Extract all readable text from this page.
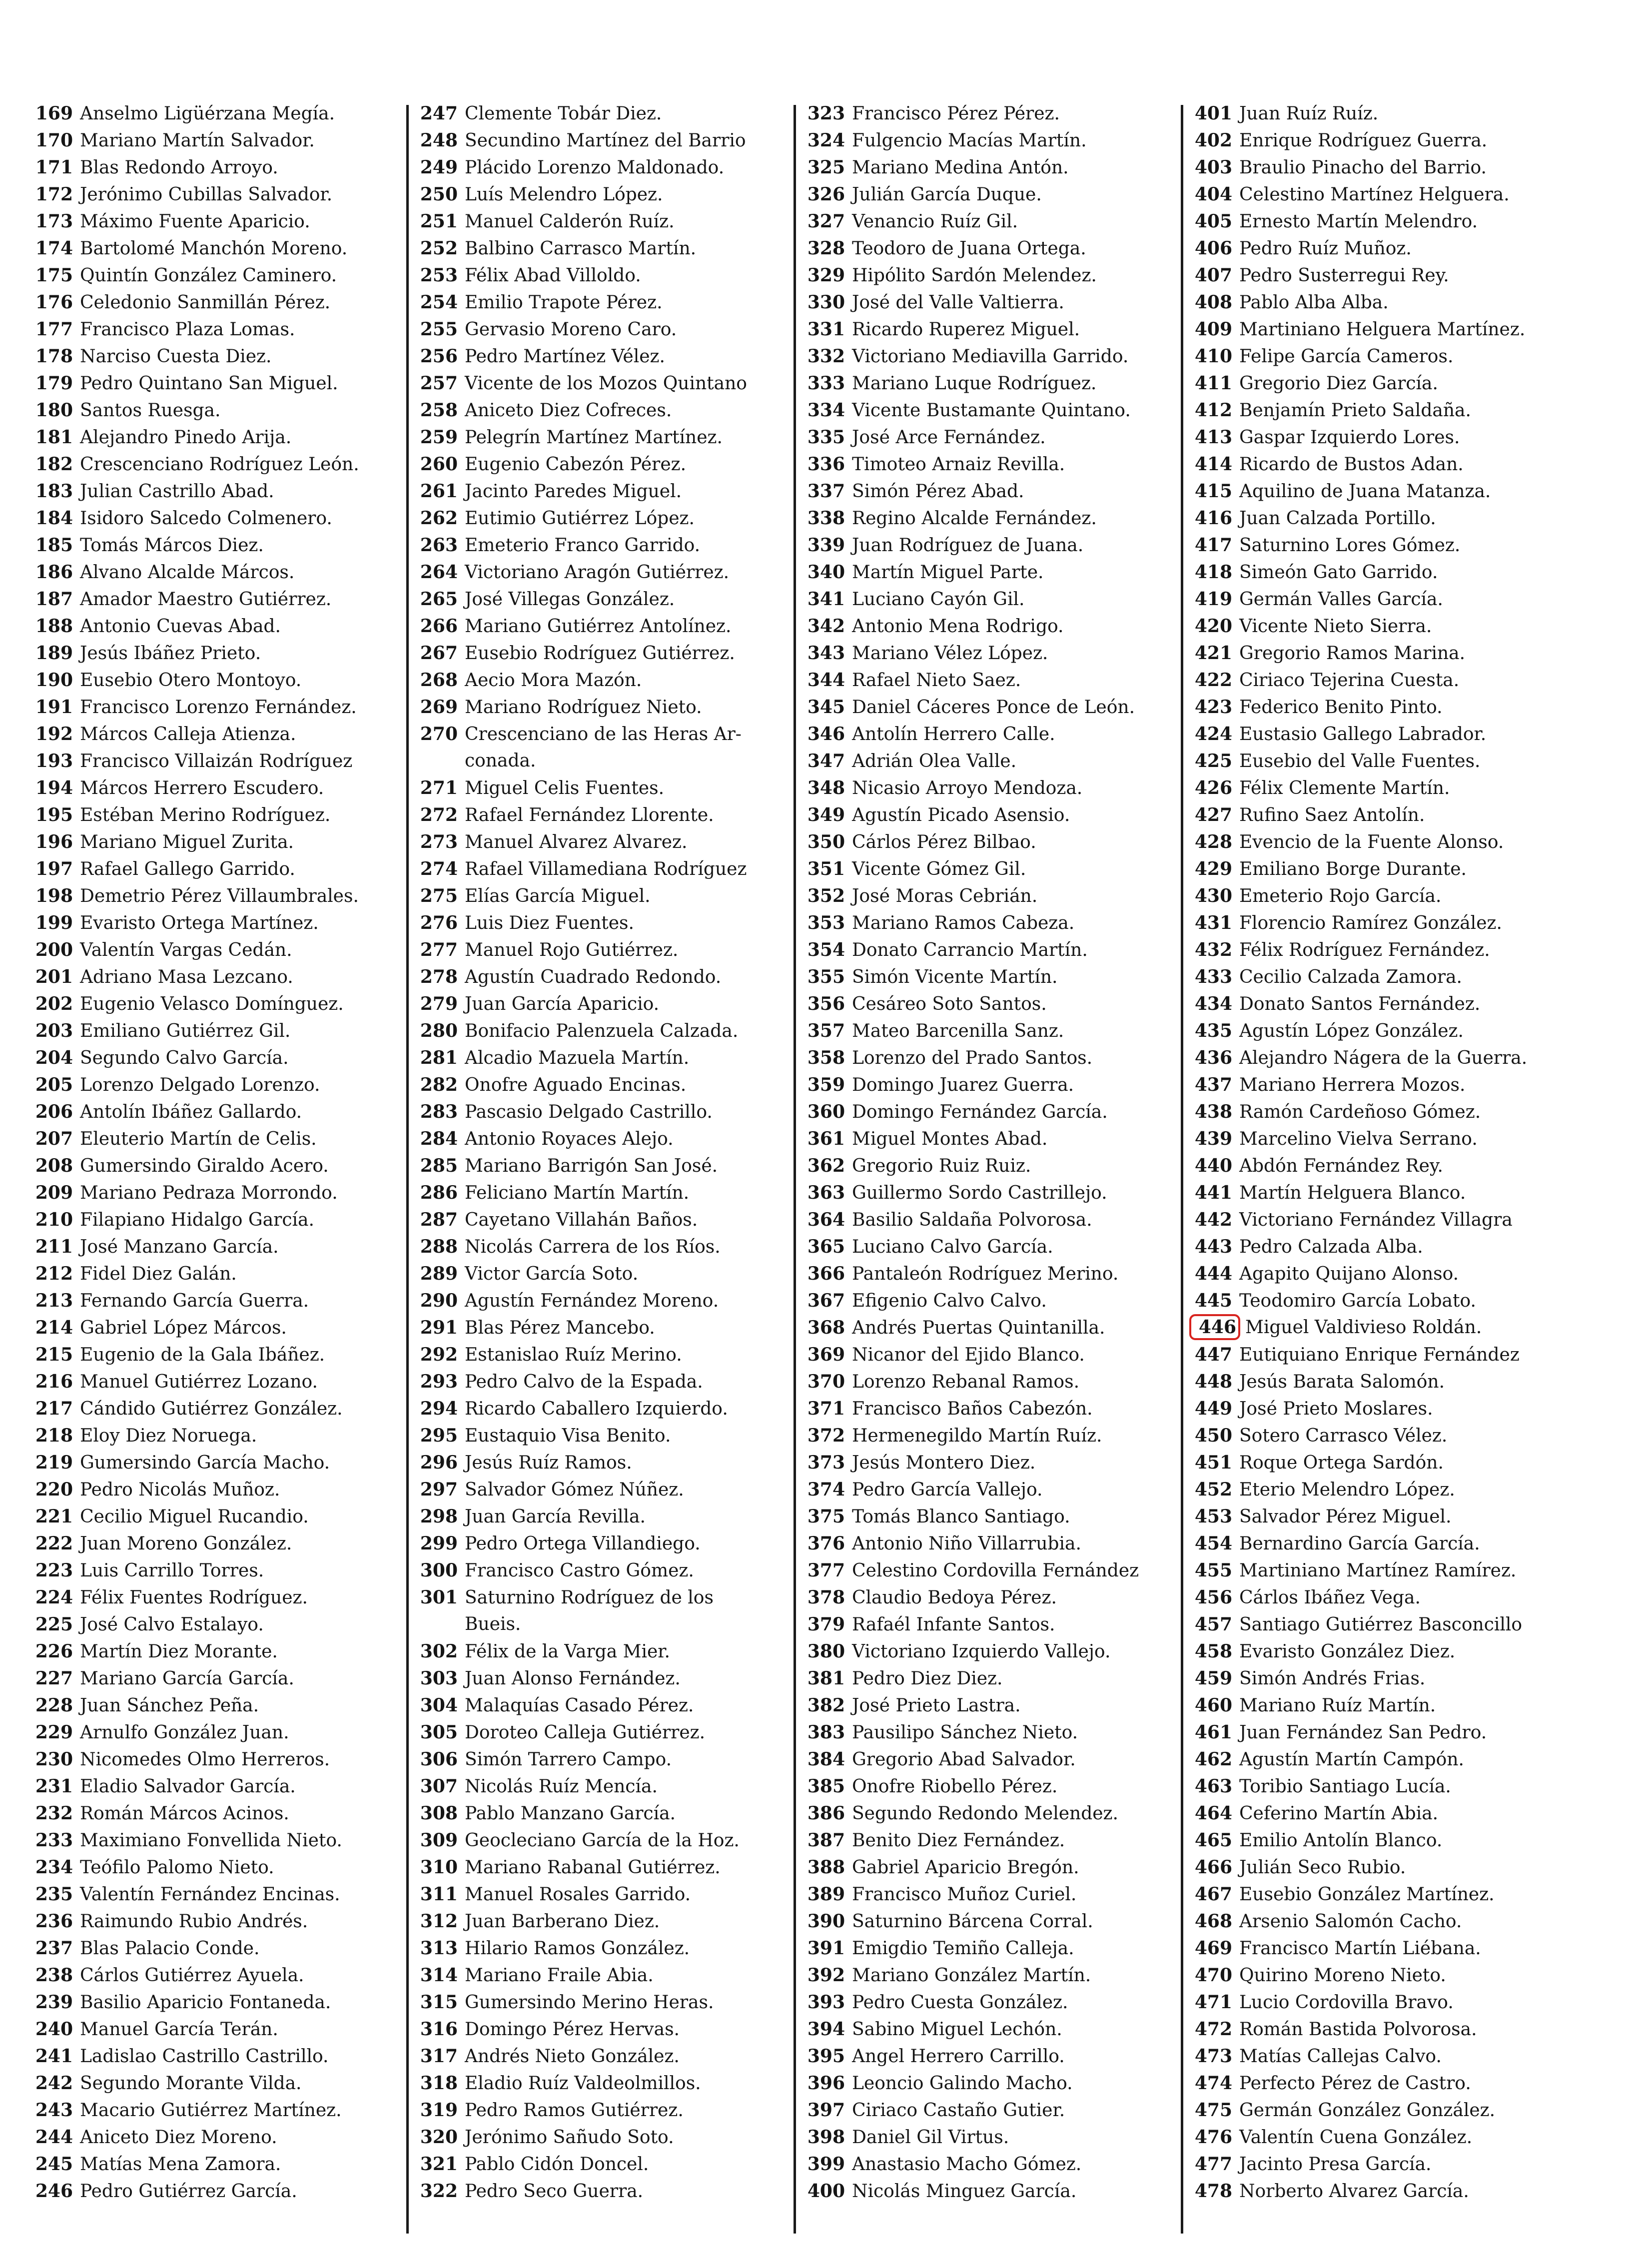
169 Anselmo Ligüérzana Megía.
170 Mariano Martín Salvador.
171 Blas Redondo Arroyo.
172 Jerónimo Cubillas Salvador.
173 Máximo Fuente Aparicio.
174 Bartolomé Manchón Moreno.
175 Quintín González Caminero.
176 Celedonio Sanmillán Pérez.
177 Francisco Plaza Lomas.
178 Narciso Cuesta Diez.
179 Pedro Quintano San Miguel.
180 Santos Ruesga.
181 Alejandro Pinedo Arija.
182 Crescenciano Rodríguez León.
183 Julian Castrillo Abad.
184 Isidoro Salcedo Colmenero.
185 Tomás Márcos Diez.
186 Alvano Alcalde Márcos.
187 Amador Maestro Gutiérrez.
188 Antonio Cuevas Abad.
189 Jesús Ibáñez Prieto.
190 Eusebio Otero Montoyo.
191 Francisco Lorenzo Fernández.
192 Márcos Calleja Atienza.
193 Francisco Villaizán Rodríguez
194 Márcos Herrero Escudero.
195 Estéban Merino Rodríguez.
196 Mariano Miguel Zurita.
197 Rafael Gallego Garrido.
198 Demetrio Pérez Villaumbrales.
199 Evaristo Ortega Martínez.
200 Valentín Vargas Cedán.
201 Adriano Masa Lezcano.
202 Eugenio Velasco Domínguez.
203 Emiliano Gutiérrez Gil.
204 Segundo Calvo García.
205 Lorenzo Delgado Lorenzo.
206 Antolín Ibáñez Gallardo.
207 Eleuterio Martín de Celis.
208 Gumersindo Giraldo Acero.
209 Mariano Pedraza Morrondo.
210 Filapiano Hidalgo García.
211 José Manzano García.
212 Fidel Diez Galán.
213 Fernando García Guerra.
214 Gabriel López Márcos.
215 Eugenio de la Gala Ibáñez.
216 Manuel Gutiérrez Lozano.
217 Cándido Gutiérrez González.
218 Eloy Diez Noruega.
219 Gumersindo García Macho.
220 Pedro Nicolás Muñoz.
221 Cecilio Miguel Rucandio.
222 Juan Moreno González.
223 Luis Carrillo Torres.
224 Félix Fuentes Rodríguez.
225 José Calvo Estalayo.
226 Martín Diez Morante.
227 Mariano García García.
228 Juan Sánchez Peña.
229 Arnulfo González Juan.
230 Nicomedes Olmo Herreros.
231 Eladio Salvador García.
232 Román Márcos Acinos.
233 Maximiano Fonvellida Nieto.
234 Teófilo Palomo Nieto.
235 Valentín Fernández Encinas.
236 Raimundo Rubio Andrés.
237 Blas Palacio Conde.
238 Cárlos Gutiérrez Ayuela.
239 Basilio Aparicio Fontaneda.
240 Manuel García Terán.
241 Ladislao Castrillo Castrillo.
242 Segundo Morante Vilda.
243 Macario Gutiérrez Martínez.
244 Aniceto Diez Moreno.
245 Matías Mena Zamora.
246 Pedro Gutiérrez García.
247 Clemente Tobár Diez.
248 Secundino Martínez del Barrio
249 Plácido Lorenzo Maldonado.
250 Luís Melendro López.
251 Manuel Calderón Ruíz.
252 Balbino Carrasco Martín.
253 Félix Abad Villoldo.
254 Emilio Trapote Pérez.
255 Gervasio Moreno Caro.
256 Pedro Martínez Vélez.
257 Vicente de los Mozos Quintano
258 Aniceto Diez Cofreces.
259 Pelegrín Martínez Martínez.
260 Eugenio Cabezón Pérez.
261 Jacinto Paredes Miguel.
262 Eutimio Gutiérrez López.
263 Emeterio Franco Garrido.
264 Victoriano Aragón Gutiérrez.
265 José Villegas González.
266 Mariano Gutiérrez Antolínez.
267 Eusebio Rodríguez Gutiérrez.
268 Aecio Mora Mazón.
269 Mariano Rodríguez Nieto.
270 Crescenciano de las Heras Ar-
conada.
271 Miguel Celis Fuentes.
272 Rafael Fernández Llorente.
273 Manuel Alvarez Alvarez.
274 Rafael Villamediana Rodríguez
275 Elías García Miguel.
276 Luis Diez Fuentes.
277 Manuel Rojo Gutiérrez.
278 Agustín Cuadrado Redondo.
279 Juan García Aparicio.
280 Bonifacio Palenzuela Calzada.
281 Alcadio Mazuela Martín.
282 Onofre Aguado Encinas.
283 Pascasio Delgado Castrillo.
284 Antonio Royaces Alejo.
285 Mariano Barrigón San José.
286 Feliciano Martín Martín.
287 Cayetano Villahán Baños.
288 Nicolás Carrera de los Ríos.
289 Victor García Soto.
290 Agustín Fernández Moreno.
291 Blas Pérez Mancebo.
292 Estanislao Ruíz Merino.
293 Pedro Calvo de la Espada.
294 Ricardo Caballero Izquierdo.
295 Eustaquio Visa Benito.
296 Jesús Ruíz Ramos.
297 Salvador Gómez Núñez.
298 Juan García Revilla.
299 Pedro Ortega Villandiego.
300 Francisco Castro Gómez.
301 Saturnino Rodríguez de los
Bueis.
302 Félix de la Varga Mier.
303 Juan Alonso Fernández.
304 Malaquías Casado Pérez.
305 Doroteo Calleja Gutiérrez.
306 Simón Tarrero Campo.
307 Nicolás Ruíz Mencía.
308 Pablo Manzano García.
309 Geocleciano García de la Hoz.
310 Mariano Rabanal Gutiérrez.
311 Manuel Rosales Garrido.
312 Juan Barberano Diez.
313 Hilario Ramos González.
314 Mariano Fraile Abia.
315 Gumersindo Merino Heras.
316 Domingo Pérez Hervas.
317 Andrés Nieto González.
318 Eladio Ruíz Valdeolmillos.
319 Pedro Ramos Gutiérrez.
320 Jerónimo Sañudo Soto.
321 Pablo Cidón Doncel.
322 Pedro Seco Guerra.
323 Francisco Pérez Pérez.
324 Fulgencio Macías Martín.
325 Mariano Medina Antón.
326 Julián García Duque.
327 Venancio Ruíz Gil.
328 Teodoro de Juana Ortega.
329 Hipólito Sardón Melendez.
330 José del Valle Valtierra.
331 Ricardo Ruperez Miguel.
332 Victoriano Mediavilla Garrido.
333 Mariano Luque Rodríguez.
334 Vicente Bustamante Quintano.
335 José Arce Fernández.
336 Timoteo Arnaiz Revilla.
337 Simón Pérez Abad.
338 Regino Alcalde Fernández.
339 Juan Rodríguez de Juana.
340 Martín Miguel Parte.
341 Luciano Cayón Gil.
342 Antonio Mena Rodrigo.
343 Mariano Vélez López.
344 Rafael Nieto Saez.
345 Daniel Cáceres Ponce de León.
346 Antolín Herrero Calle.
347 Adrián Olea Valle.
348 Nicasio Arroyo Mendoza.
349 Agustín Picado Asensio.
350 Cárlos Pérez Bilbao.
351 Vicente Gómez Gil.
352 José Moras Cebrián.
353 Mariano Ramos Cabeza.
354 Donato Carrancio Martín.
355 Simón Vicente Martín.
356 Cesáreo Soto Santos.
357 Mateo Barcenilla Sanz.
358 Lorenzo del Prado Santos.
359 Domingo Juarez Guerra.
360 Domingo Fernández García.
361 Miguel Montes Abad.
362 Gregorio Ruiz Ruiz.
363 Guillermo Sordo Castrillejo.
364 Basilio Saldaña Polvorosa.
365 Luciano Calvo García.
366 Pantaleón Rodríguez Merino.
367 Efigenio Calvo Calvo.
368 Andrés Puertas Quintanilla.
369 Nicanor del Ejido Blanco.
370 Lorenzo Rebanal Ramos.
371 Francisco Baños Cabezón.
372 Hermenegildo Martín Ruíz.
373 Jesús Montero Diez.
374 Pedro García Vallejo.
375 Tomás Blanco Santiago.
376 Antonio Niño Villarrubia.
377 Celestino Cordovilla Fernández
378 Claudio Bedoya Pérez.
379 Rafaél Infante Santos.
380 Victoriano Izquierdo Vallejo.
381 Pedro Diez Diez.
382 José Prieto Lastra.
383 Pausilipo Sánchez Nieto.
384 Gregorio Abad Salvador.
385 Onofre Riobello Pérez.
386 Segundo Redondo Melendez.
387 Benito Diez Fernández.
388 Gabriel Aparicio Bregón.
389 Francisco Muñoz Curiel.
390 Saturnino Bárcena Corral.
391 Emigdio Temiño Calleja.
392 Mariano González Martín.
393 Pedro Cuesta González.
394 Sabino Miguel Lechón.
395 Angel Herrero Carrillo.
396 Leoncio Galindo Macho.
397 Ciriaco Castaño Gutier.
398 Daniel Gil Virtus.
399 Anastasio Macho Gómez.
400 Nicolás Minguez García.
401 Juan Ruíz Ruíz.
402 Enrique Rodríguez Guerra.
403 Braulio Pinacho del Barrio.
404 Celestino Martínez Helguera.
405 Ernesto Martín Melendro.
406 Pedro Ruíz Muñoz.
407 Pedro Susterregui Rey.
408 Pablo Alba Alba.
409 Martiniano Helguera Martínez.
410 Felipe García Cameros.
411 Gregorio Diez García.
412 Benjamín Prieto Saldaña.
413 Gaspar Izquierdo Lores.
414 Ricardo de Bustos Adan.
415 Aquilino de Juana Matanza.
416 Juan Calzada Portillo.
417 Saturnino Lores Gómez.
418 Simeón Gato Garrido.
419 Germán Valles García.
420 Vicente Nieto Sierra.
421 Gregorio Ramos Marina.
422 Ciriaco Tejerina Cuesta.
423 Federico Benito Pinto.
424 Eustasio Gallego Labrador.
425 Eusebio del Valle Fuentes.
426 Félix Clemente Martín.
427 Rufino Saez Antolín.
428 Evencio de la Fuente Alonso.
429 Emiliano Borge Durante.
430 Emeterio Rojo García.
431 Florencio Ramírez González.
432 Félix Rodríguez Fernández.
433 Cecilio Calzada Zamora.
434 Donato Santos Fernández.
435 Agustín López González.
436 Alejandro Nágera de la Guerra.
437 Mariano Herrera Mozos.
438 Ramón Cardeñoso Gómez.
439 Marcelino Vielva Serrano.
440 Abdón Fernández Rey.
441 Martín Helguera Blanco.
442 Victoriano Fernández Villagra
443 Pedro Calzada Alba.
444 Agapito Quijano Alonso.
445 Teodomiro García Lobato.
446 Miguel Valdivieso Roldán.
447 Eutiquiano Enrique Fernández
448 Jesús Barata Salomón.
449 José Prieto Moslares.
450 Sotero Carrasco Vélez.
451 Roque Ortega Sardón.
452 Eterio Melendro López.
453 Salvador Pérez Miguel.
454 Bernardino García García.
455 Martiniano Martínez Ramírez.
456 Cárlos Ibáñez Vega.
457 Santiago Gutiérrez Basconcillo
458 Evaristo González Diez.
459 Simón Andrés Frias.
460 Mariano Ruíz Martín.
461 Juan Fernández San Pedro.
462 Agustín Martín Campón.
463 Toribio Santiago Lucía.
464 Ceferino Martín Abia.
465 Emilio Antolín Blanco.
466 Julián Seco Rubio.
467 Eusebio González Martínez.
468 Arsenio Salomón Cacho.
469 Francisco Martín Liébana.
470 Quirino Moreno Nieto.
471 Lucio Cordovilla Bravo.
472 Román Bastida Polvorosa.
473 Matías Callejas Calvo.
474 Perfecto Pérez de Castro.
475 Germán González González.
476 Valentín Cuena González.
477 Jacinto Presa García.
478 Norberto Alvarez García.
